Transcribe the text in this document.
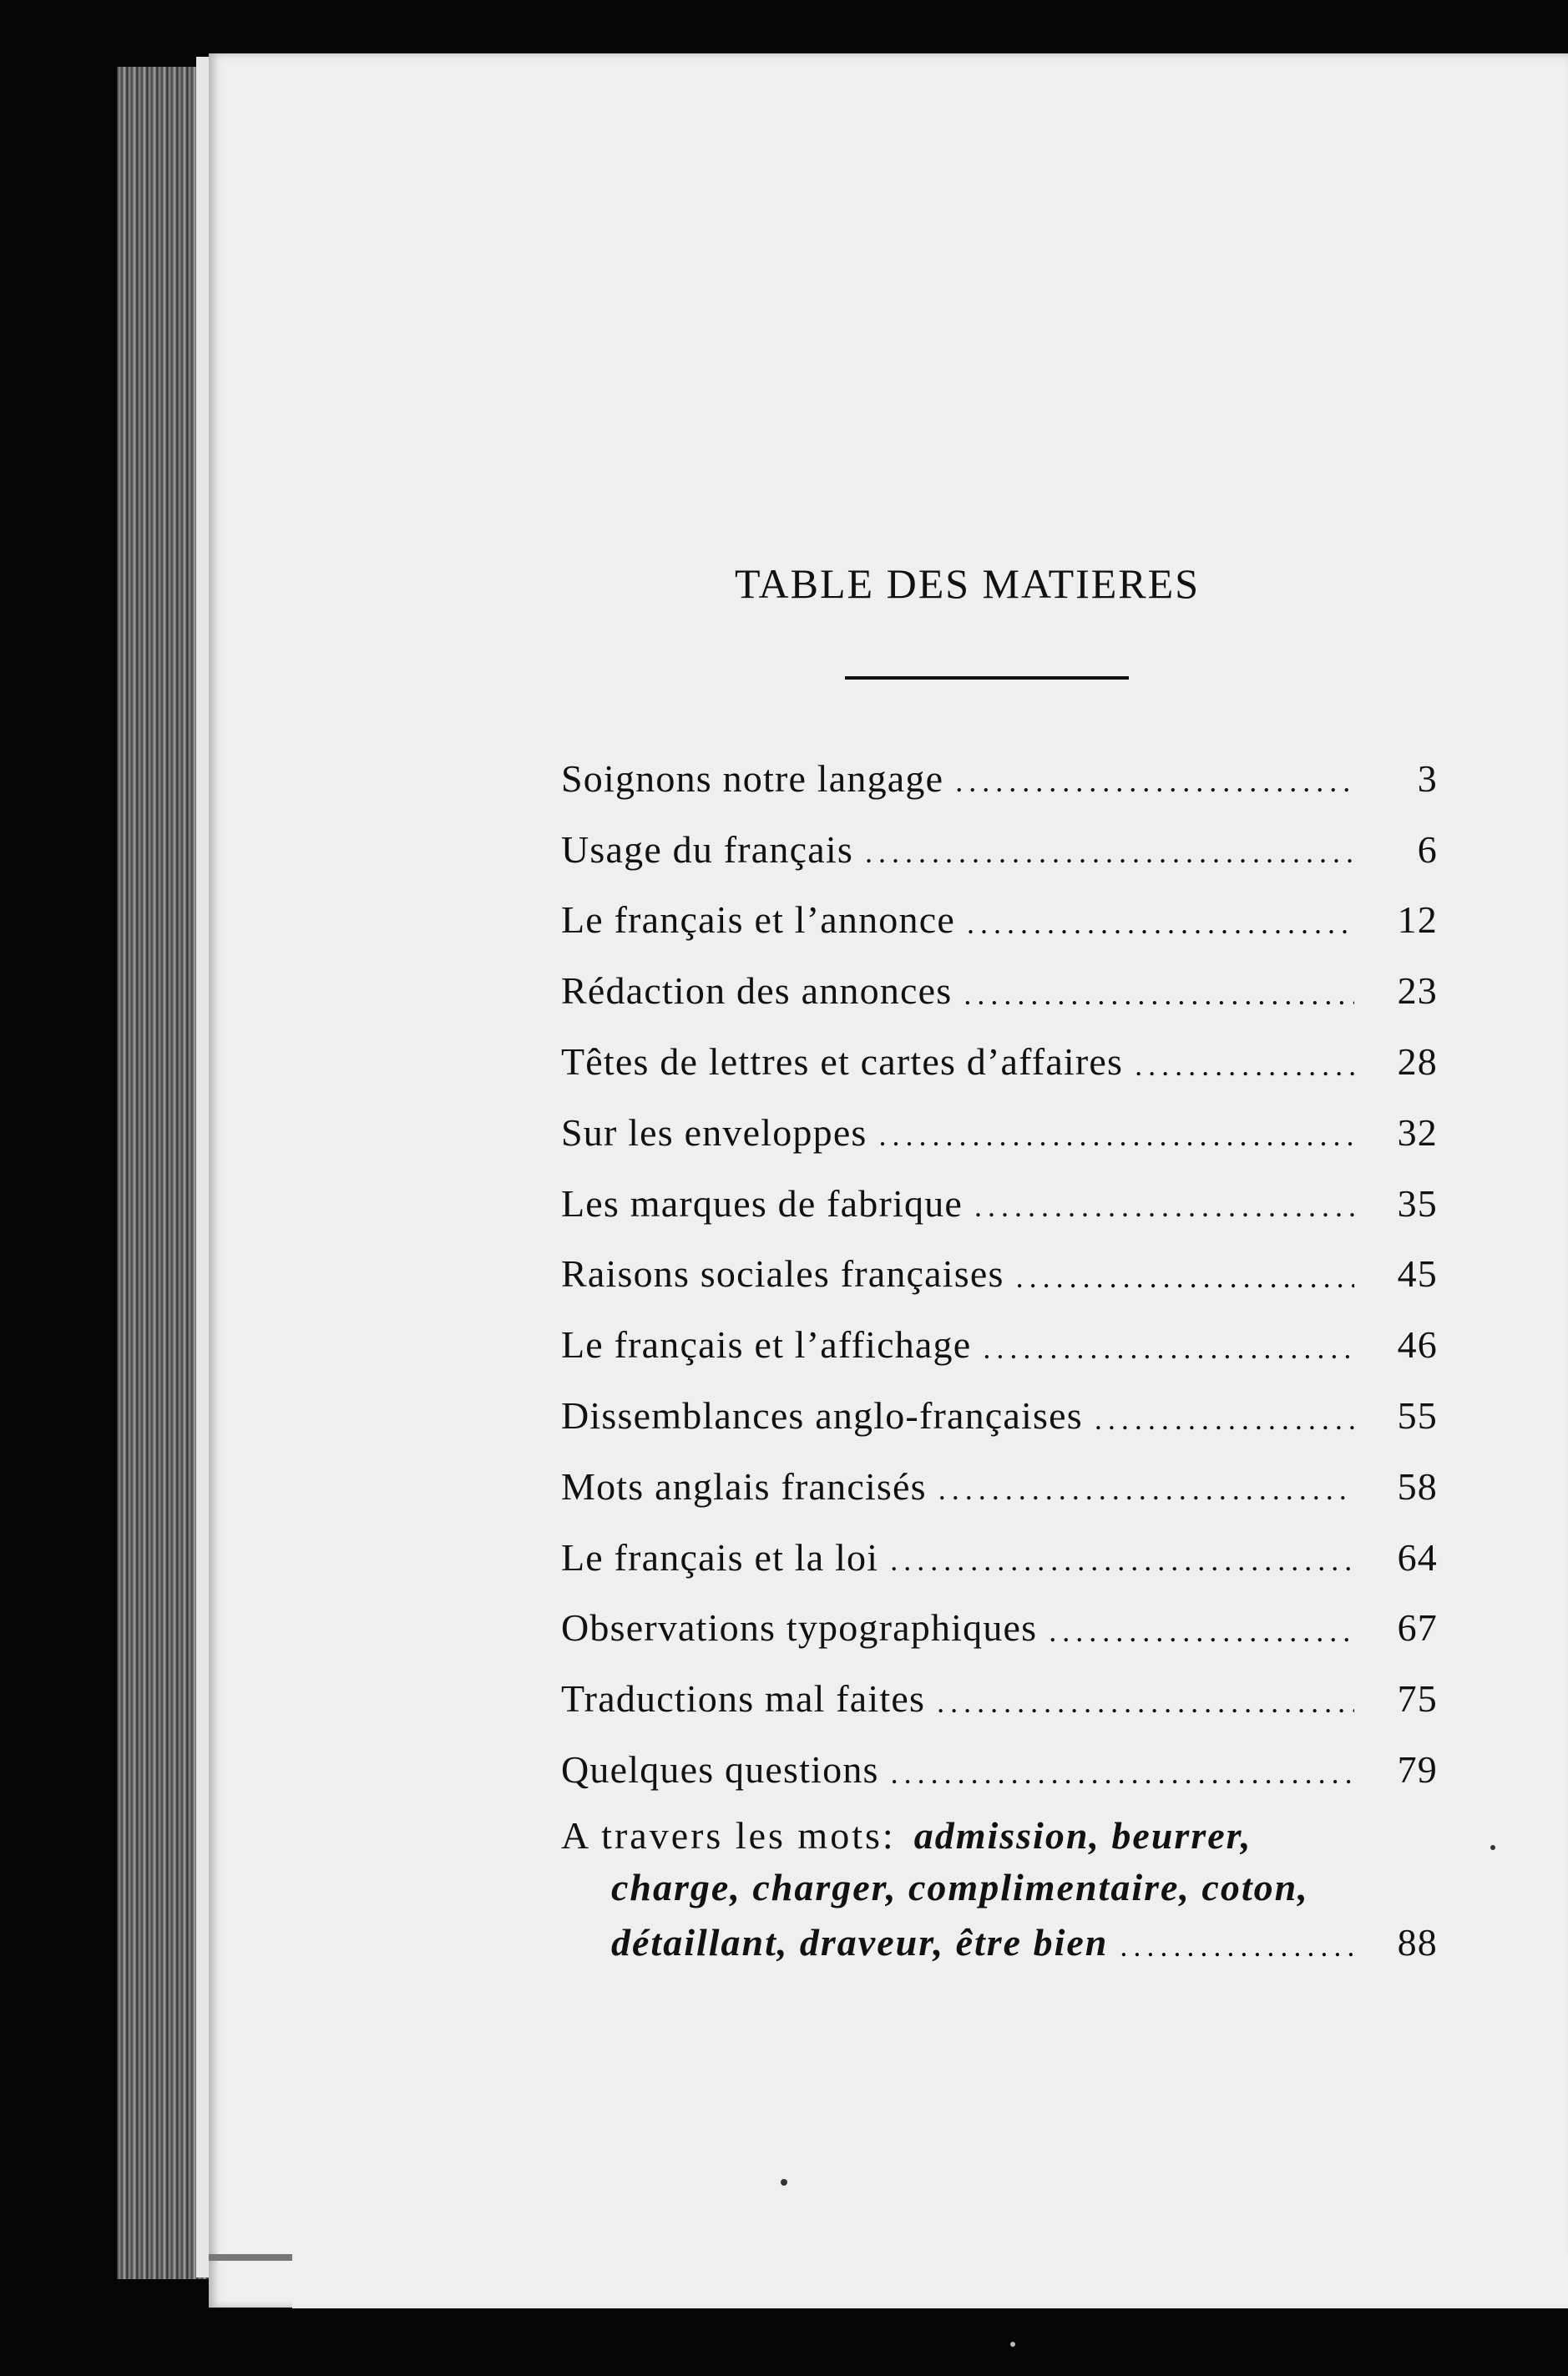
TABLE DES MATIERES
Soignons notre langage .....	3
Usage du français .....	6
Le français et l’annonce .....	12
Rédaction des annonces .....	23
Têtes de lettres et cartes d’affaires .....	28
Sur les enveloppes .....	32
Les marques de fabrique .....	35
Raisons sociales françaises .....	45
Le français et l’affichage .....	46
Dissemblances anglo-françaises .....	55
Mots anglais francisés .....	58
Le français et la loi .....	64
Observations typographiques .....	67
Traductions mal faites .....	75
Quelques questions .....	79
A travers les mots: admission, beurrer,
charge, charger, complimentaire, coton,
détaillant, draveur, être bien .....	88
